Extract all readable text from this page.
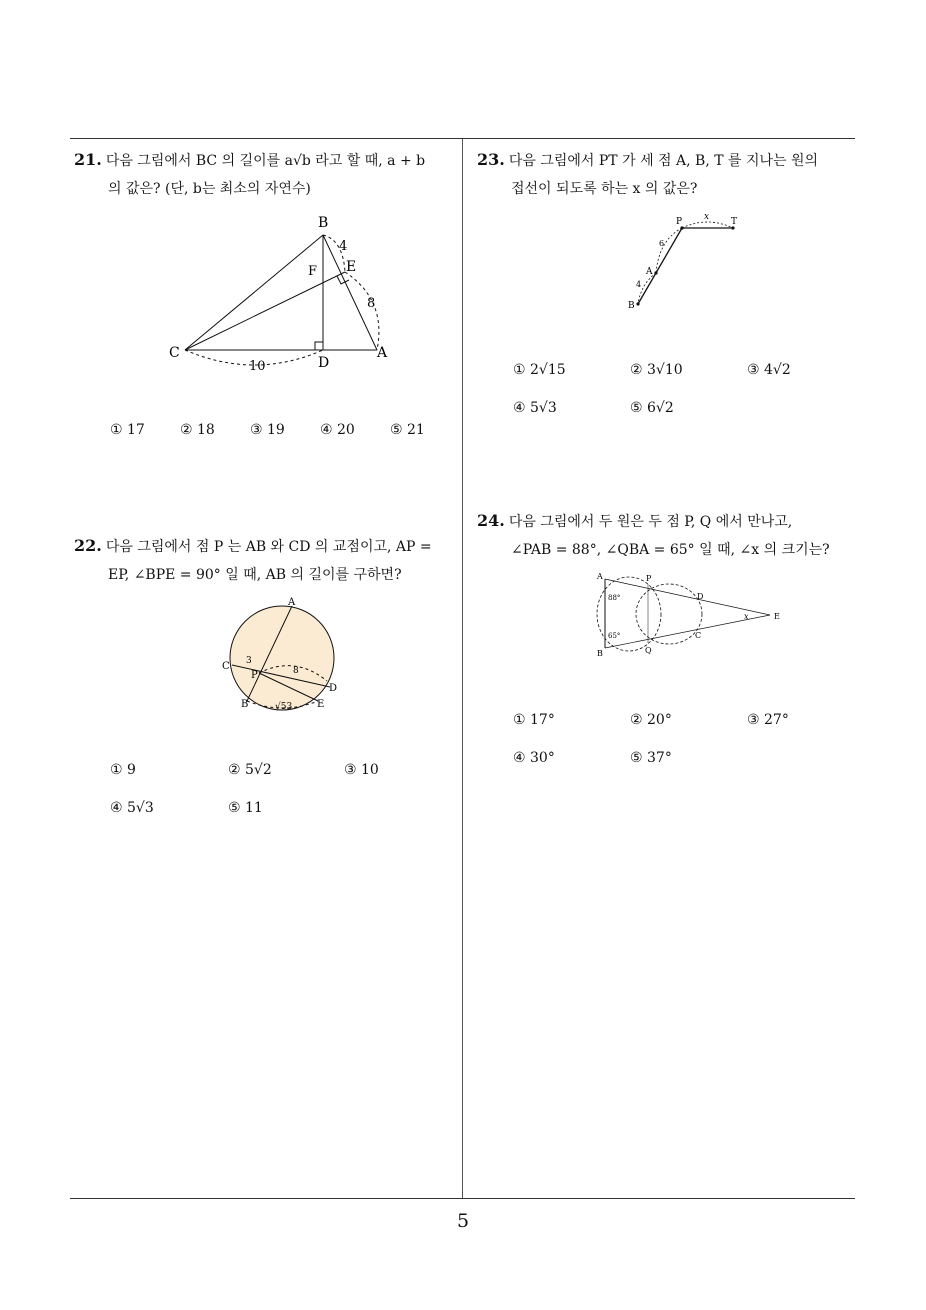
21. 다음 그림에서 BC 의 길이를 a√b 라고 할 때, a + b
의 값은? (단, b는 최소의 자연수)
B
F E
C
D
A
4
8
10
① 17	② 18	③ 19	④ 20	⑤ 21
22. 다음 그림에서 점 P 는 AB 와 CD 의 교점이고, AP =
EP, ∠BPE = 90° 일 때, AB 의 길이를 구하면?
A
C 3
P	8
D
B	√53 E
① 9	② 5√2	③ 10
④ 5√3	⑤ 11
23. 다음 그림에서 PT 가 세 점 A, B, T 를 지나는 원의
접선이 되도록 하는 x 의 값은?
P x T
6
A
4
B
① 2√15	② 3√10	③ 4√2
④ 5√3	⑤ 6√2
24. 다음 그림에서 두 원은 두 점 P, Q 에서 만나고,
∠PAB = 88°, ∠QBA = 65° 일 때, ∠x 의 크기는?
A	P
D
88°
x	E
65°	C
B	Q
① 17°	② 20°	③ 27°
④ 30°	⑤ 37°
5
